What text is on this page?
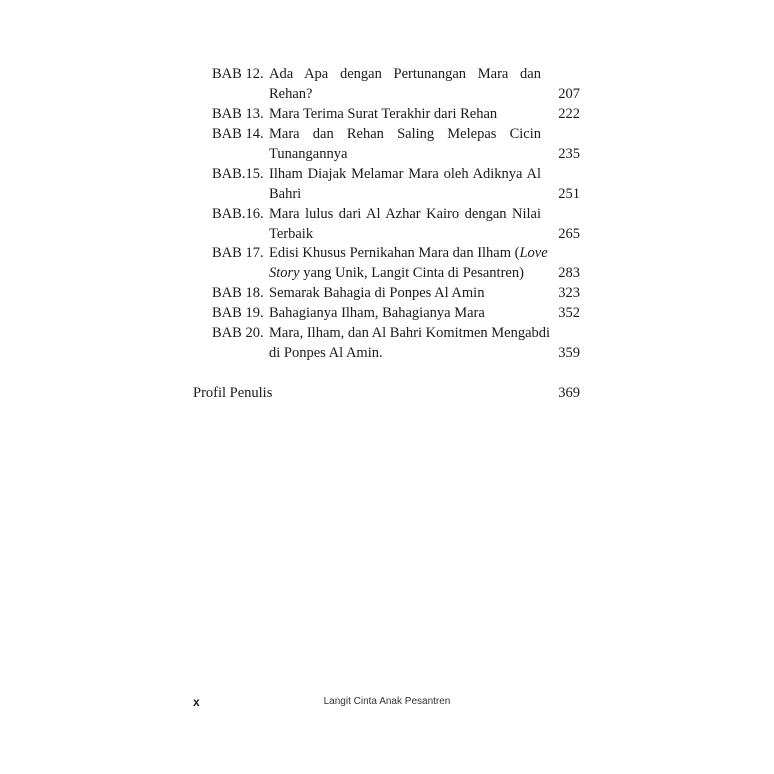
BAB 12. Ada Apa dengan Pertunangan Mara dan
Rehan?	207
BAB 13. Mara Terima Surat Terakhir dari Rehan	222
BAB 14. Mara dan Rehan Saling Melepas Cicin
Tunangannya	235
BAB.15. Ilham Diajak Melamar Mara oleh Adiknya Al
Bahri	251
BAB.16. Mara lulus dari Al Azhar Kairo dengan Nilai
Terbaik	265
BAB 17. Edisi Khusus Pernikahan Mara dan Ilham (Love
Story yang Unik, Langit Cinta di Pesantren)	283
BAB 18. Semarak Bahagia di Ponpes Al Amin	323
BAB 19. Bahagianya Ilham, Bahagianya Mara	352
BAB 20. Mara, Ilham, dan Al Bahri Komitmen Mengabdi
di Ponpes Al Amin.	359
Profil Penulis	369
x	Langit Cinta Anak Pesantren
